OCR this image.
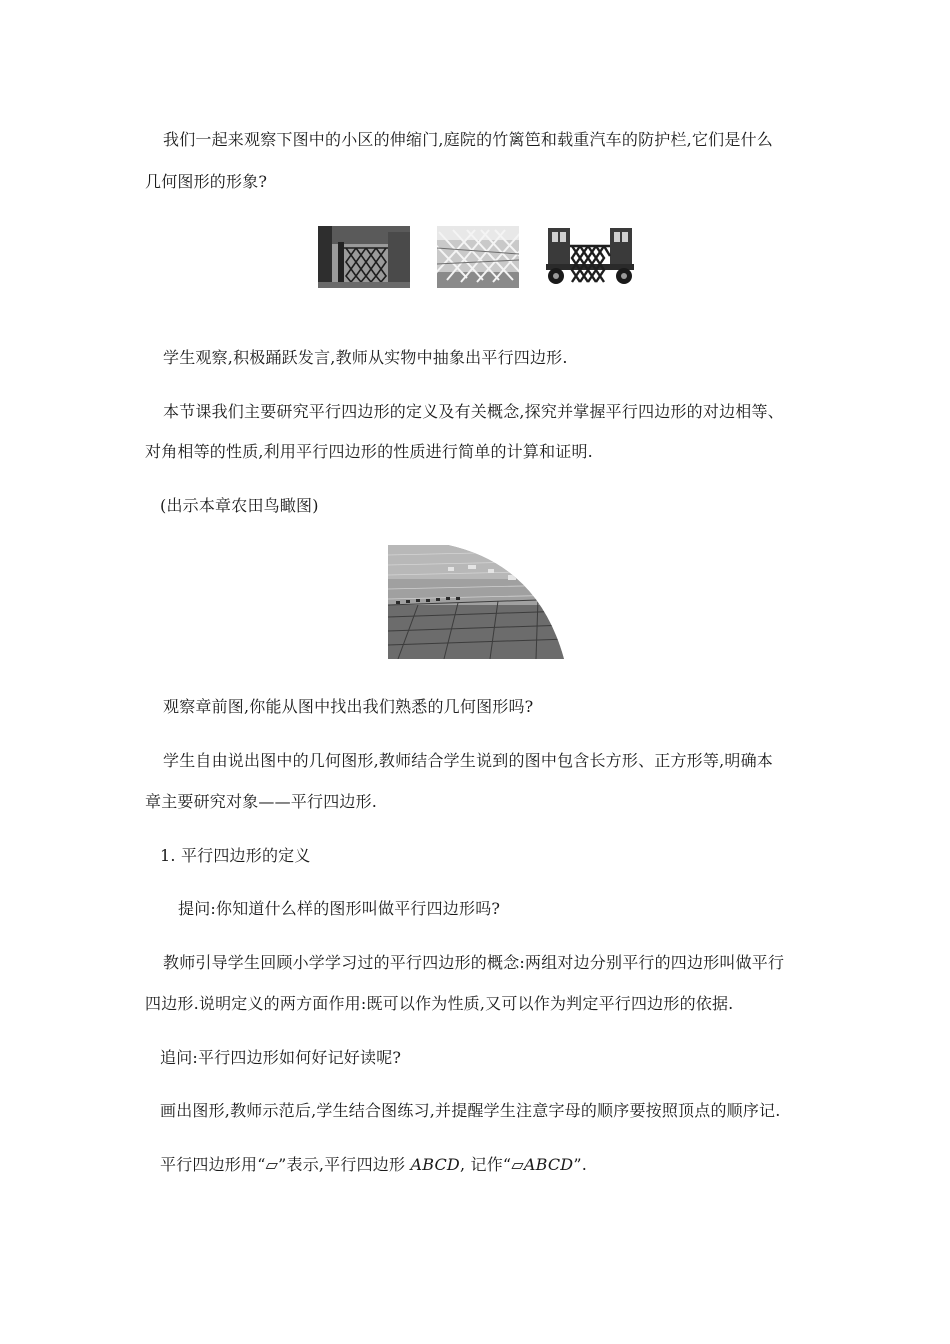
我们一起来观察下图中的小区的伸缩门,庭院的竹篱笆和载重汽车的防护栏,它们是什么
几何图形的形象?
学生观察,积极踊跃发言,教师从实物中抽象出平行四边形.
本节课我们主要研究平行四边形的定义及有关概念,探究并掌握平行四边形的对边相等、
对角相等的性质,利用平行四边形的性质进行简单的计算和证明.
(出示本章农田鸟瞰图)
观察章前图,你能从图中找出我们熟悉的几何图形吗?
学生自由说出图中的几何图形,教师结合学生说到的图中包含长方形、正方形等,明确本
章主要研究对象——平行四边形.
1. 平行四边形的定义
提问:你知道什么样的图形叫做平行四边形吗?
教师引导学生回顾小学学习过的平行四边形的概念:两组对边分别平行的四边形叫做平行
四边形.说明定义的两方面作用:既可以作为性质,又可以作为判定平行四边形的依据.
追问:平行四边形如何好记好读呢?
画出图形,教师示范后,学生结合图练习,并提醒学生注意字母的顺序要按照顶点的顺序记.
平行四边形用“▱”表示,平行四边形 ABCD, 记作“▱ABCD”.
